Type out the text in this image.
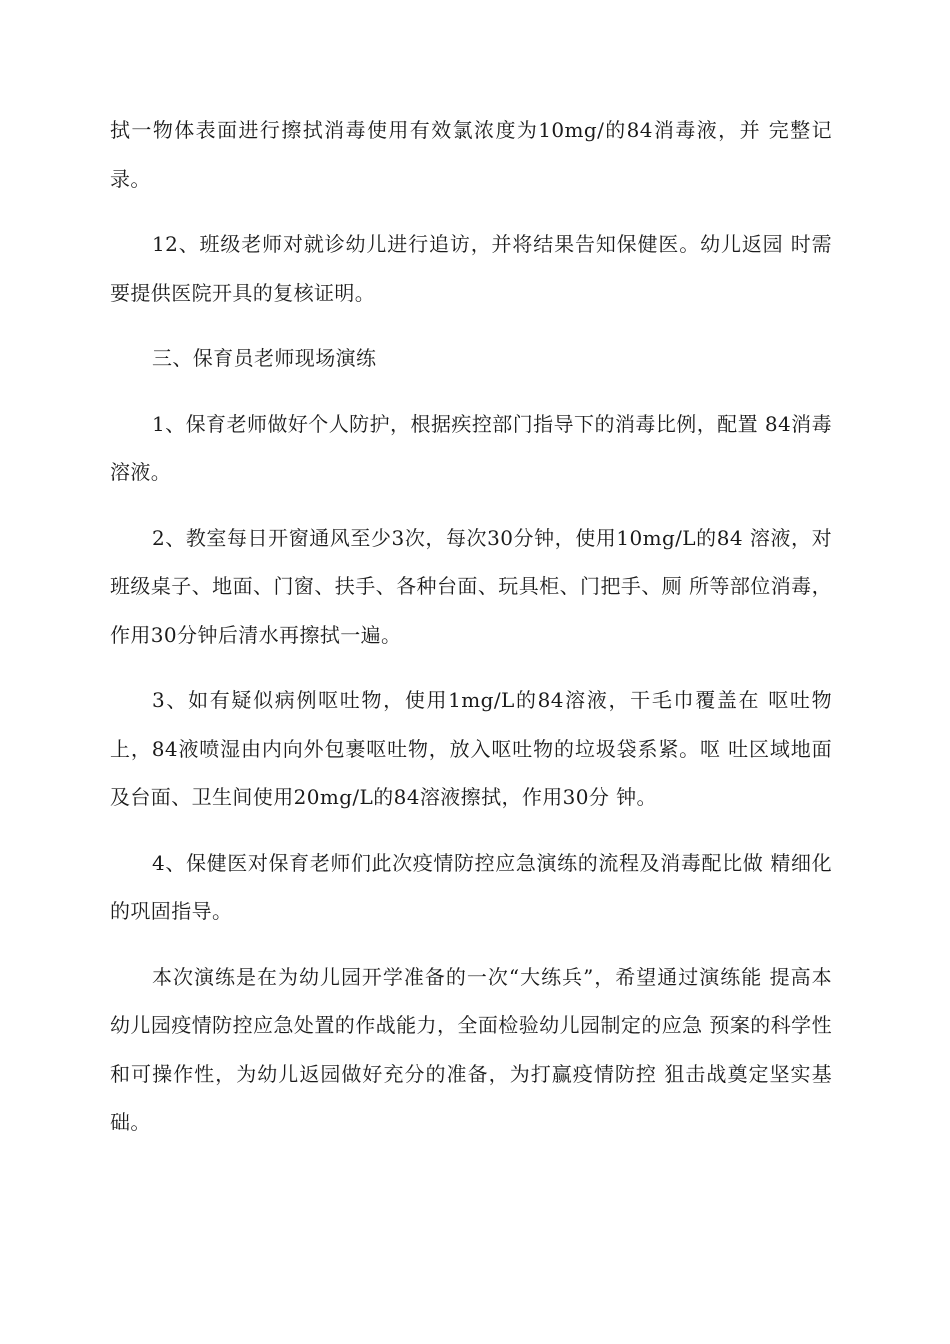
拭一物体表面进行擦拭消毒使用有效氯浓度为10mg/的84消毒液，并 完整记录。

12、班级老师对就诊幼儿进行追访，并将结果告知保健医。幼儿返园 时需要提供医院开具的复核证明。

三、保育员老师现场演练

1、保育老师做好个人防护，根据疾控部门指导下的消毒比例，配置 84消毒溶液。

2、教室每日开窗通风至少3次，每次30分钟，使用10mg/L的84 溶液，对班级桌子、地面、门窗、扶手、各种台面、玩具柜、门把手、厕 所等部位消毒，作用30分钟后清水再擦拭一遍。

3、如有疑似病例呕吐物，使用1mg/L的84溶液，干毛巾覆盖在 呕吐物上，84液喷湿由内向外包裹呕吐物，放入呕吐物的垃圾袋系紧。呕 吐区域地面及台面、卫生间使用20mg/L的84溶液擦拭，作用30分 钟。

4、保健医对保育老师们此次疫情防控应急演练的流程及消毒配比做 精细化的巩固指导。

本次演练是在为幼儿园开学准备的一次“大练兵”，希望通过演练能 提高本幼儿园疫情防控应急处置的作战能力，全面检验幼儿园制定的应急 预案的科学性和可操作性，为幼儿返园做好充分的准备，为打赢疫情防控 狙击战奠定坚实基础。
